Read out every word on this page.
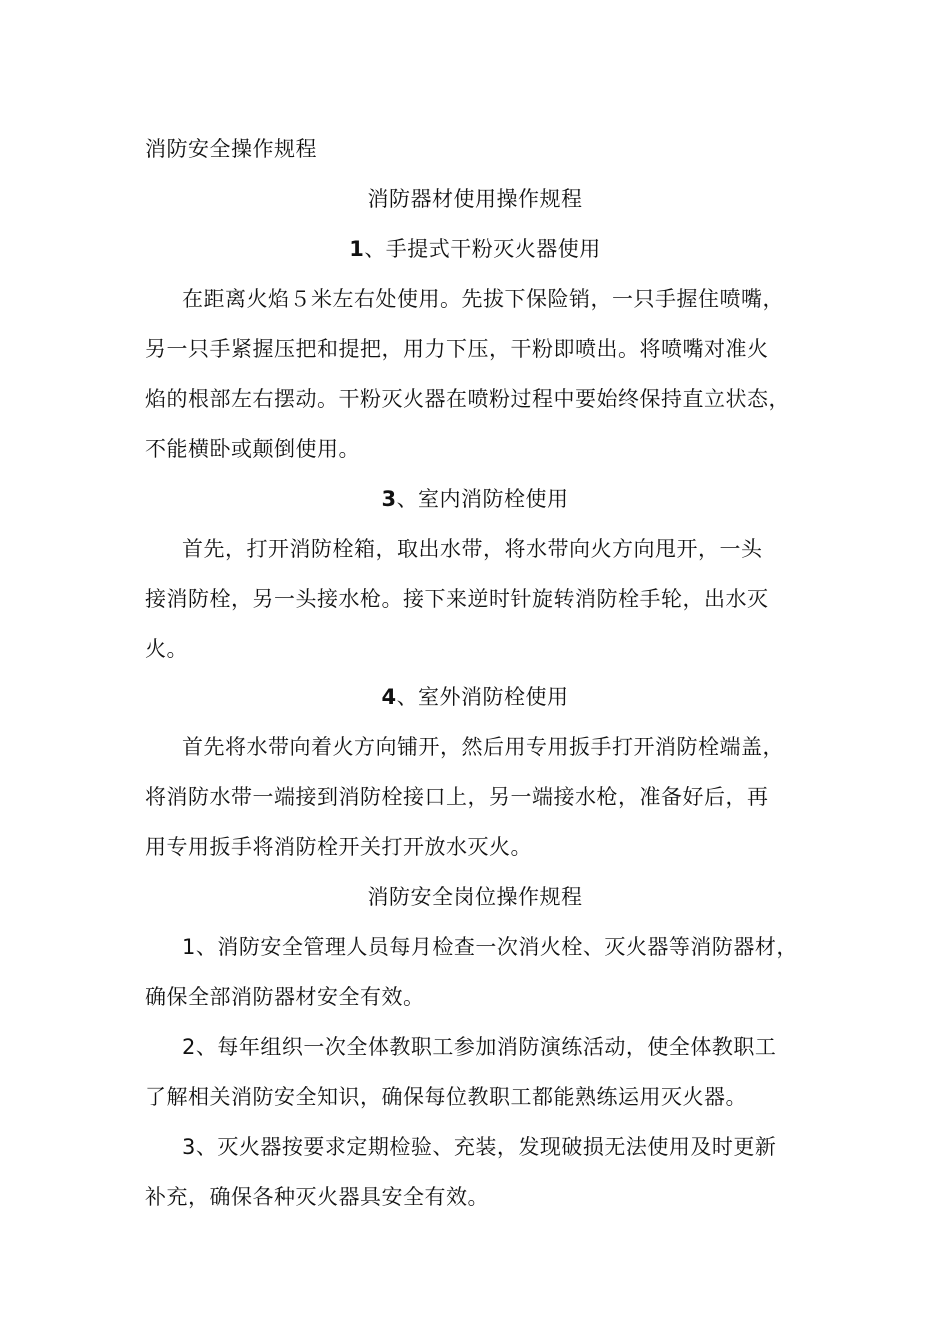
消防安全操作规程
消防器材使用操作规程
1、手提式干粉灭火器使用
在距离火焰５米左右处使用。先拔下保险销，一只手握住喷嘴，
另一只手紧握压把和提把，用力下压，干粉即喷出。将喷嘴对准火
焰的根部左右摆动。干粉灭火器在喷粉过程中要始终保持直立状态，
不能横卧或颠倒使用。
3、室内消防栓使用
首先，打开消防栓箱，取出水带，将水带向火方向甩开，一头
接消防栓，另一头接水枪。接下来逆时针旋转消防栓手轮，出水灭
火。
4、室外消防栓使用
首先将水带向着火方向铺开，然后用专用扳手打开消防栓端盖，
将消防水带一端接到消防栓接口上，另一端接水枪，准备好后，再
用专用扳手将消防栓开关打开放水灭火。
消防安全岗位操作规程
1、消防安全管理人员每月检查一次消火栓、灭火器等消防器材，
确保全部消防器材安全有效。
2、每年组织一次全体教职工参加消防演练活动，使全体教职工
了解相关消防安全知识，确保每位教职工都能熟练运用灭火器。
3、灭火器按要求定期检验、充装，发现破损无法使用及时更新
补充，确保各种灭火器具安全有效。
